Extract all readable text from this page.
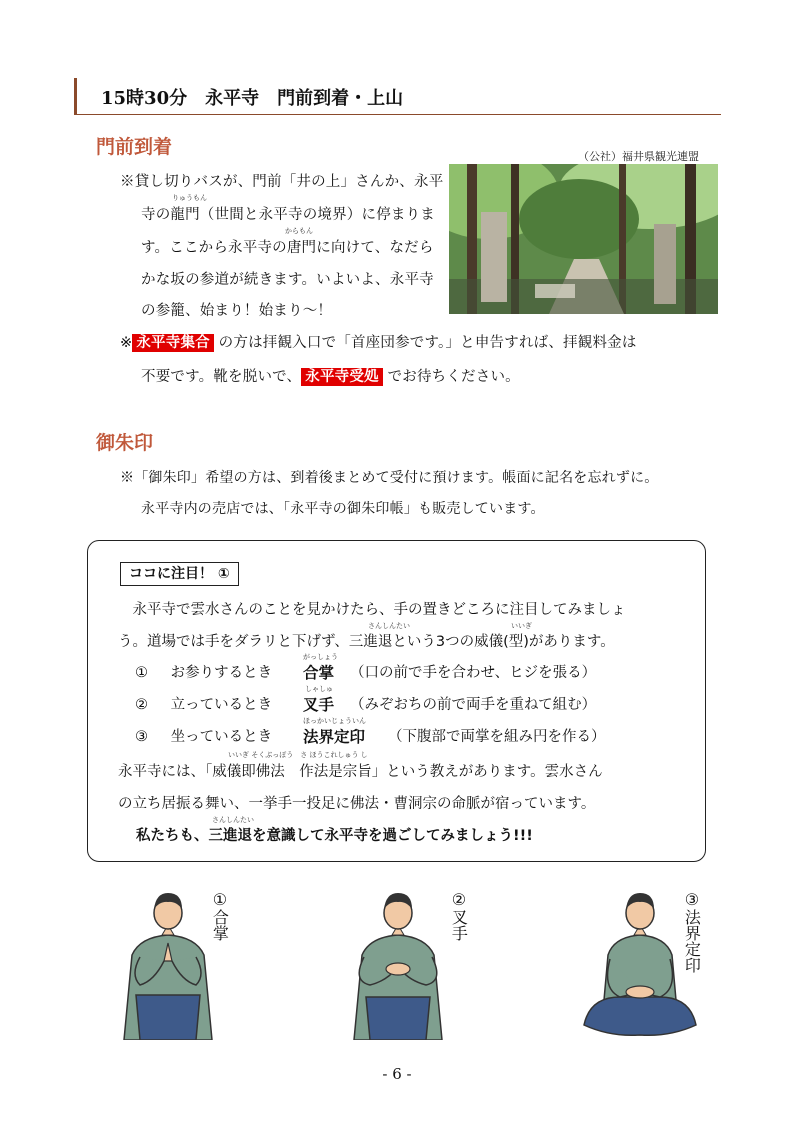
15時30分　永平寺　門前到着・上山
門前到着	（公社）福井県観光連盟
りゅうもん
からもん
※貸し切りバスが、門前「井の上」さんか、永平
寺の龍門（世間と永平寺の境界）に停まりま
す。ここから永平寺の唐門に向けて、なだら
かな坂の参道が続きます。いよいよ、永平寺
の参籠、始まり！始まり～！
※ 永平寺集合 の方は拝観入口で「首座団参です。」と申告すれば、拝観料金は
不要です。靴を脱いで、 永平寺受処 でお待ちください。
御朱印
※「御朱印」希望の方は、到着後まとめて受付に預けます。帳面に記名を忘れずに。
永平寺内の売店では、「永平寺の御朱印帳」も販売しています。
ココに注目！ ①
　永平寺で雲水さんのことを見かけたら、手の置きどころに注目してみましょ
さんしんたい	いいぎ
う。道場では手をダラリと下げず、三進退という3つの威儀(型)があります。
① お参りするとき
がっしょう
合掌 （口の前で手を合わせ、ヒジを張る）
② 立っているとき
しゃしゅ
叉手 （みぞおちの前で両手を重ねて組む）
③ 坐っているとき
ほっかいじょういん
法界定印 （下腹部で両掌を組み円を作る）
いいぎ そくぶっぽう　さ ほうこれしゅう し
永平寺には、「威儀即佛法　作法是宗旨」という教えがあります。雲水さん
の立ち居振る舞い、一挙手一投足に佛法・曹洞宗の命脈が宿っています。
さんしんたい
私たちも、三進退を意識して永平寺を過ごしてみましょう!!!
①合掌
②叉手
③法界定印
- 6 -
